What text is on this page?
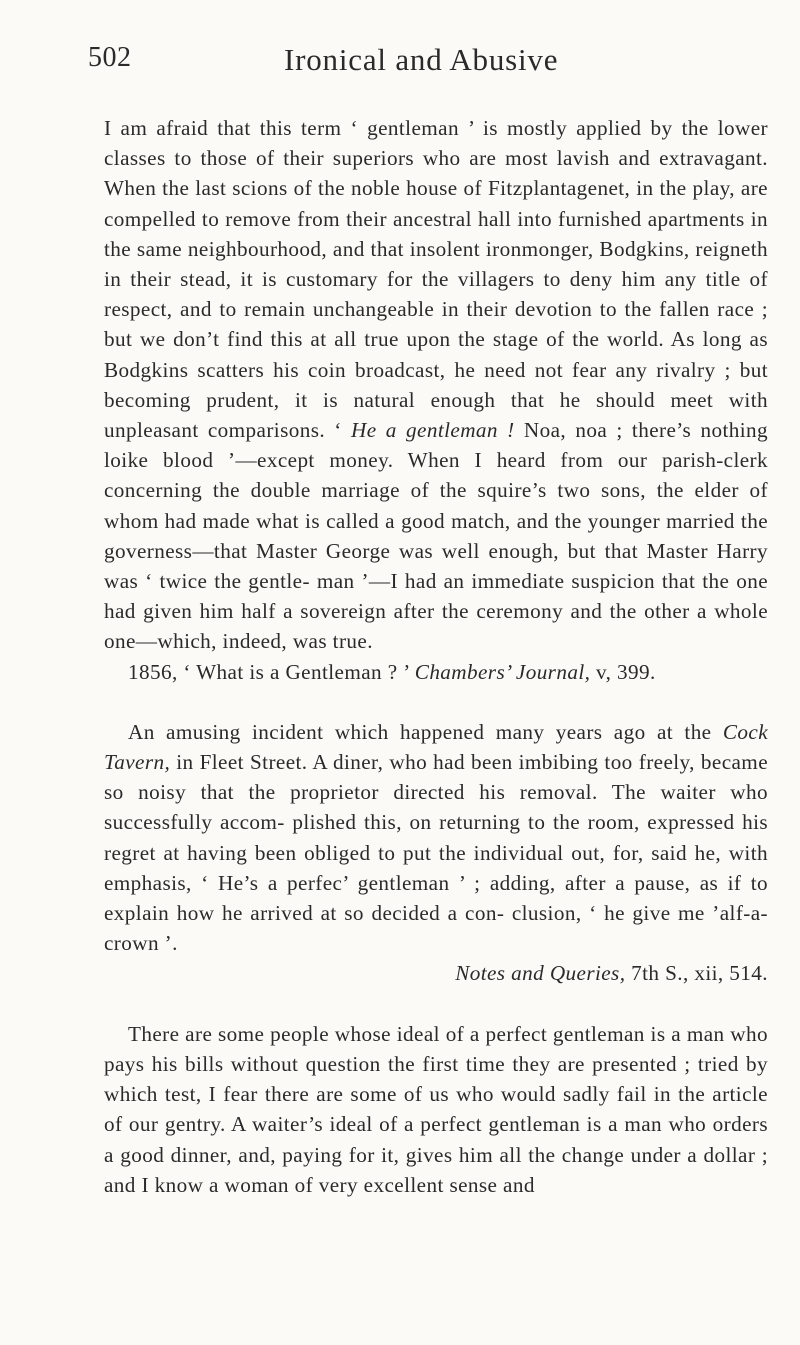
502	Ironical and Abusive

I am afraid that this term ‘ gentleman ’ is mostly applied by the lower classes to those of their superiors who are most lavish and extravagant. When the last scions of the noble house of Fitzplantagenet, in the play, are compelled to remove from their ancestral hall into furnished apartments in the same neighbourhood, and that insolent ironmonger, Bodgkins, reigneth in their stead, it is customary for the villagers to deny him any title of respect, and to remain unchangeable in their devotion to the fallen race ; but we don’t find this at all true upon the stage of the world. As long as Bodgkins scatters his coin broadcast, he need not fear any rivalry ; but becoming prudent, it is natural enough that he should meet with unpleasant comparisons. ‘ He a gentleman ! Noa, noa ; there’s nothing loike blood ’—except money. When I heard from our parish-clerk concerning the double marriage of the squire’s two sons, the elder of whom had made what is called a good match, and the younger married the governess—that Master George was well enough, but that Master Harry was ‘ twice the gentle- man ’—I had an immediate suspicion that the one had given him half a sovereign after the ceremony and the other a whole one—which, indeed, was true.

1856, ‘ What is a Gentleman ? ’ Chambers’ Journal, v, 399.

An amusing incident which happened many years ago at the Cock Tavern, in Fleet Street. A diner, who had been imbibing too freely, became so noisy that the proprietor directed his removal. The waiter who successfully accom- plished this, on returning to the room, expressed his regret at having been obliged to put the individual out, for, said he, with emphasis, ‘ He’s a perfec’ gentleman ’ ; adding, after a pause, as if to explain how he arrived at so decided a con- clusion, ‘ he give me ’alf-a-crown ’.

Notes and Queries, 7th S., xii, 514.

There are some people whose ideal of a perfect gentleman is a man who pays his bills without question the first time they are presented ; tried by which test, I fear there are some of us who would sadly fail in the article of our gentry. A waiter’s ideal of a perfect gentleman is a man who orders a good dinner, and, paying for it, gives him all the change under a dollar ; and I know a woman of very excellent sense and
